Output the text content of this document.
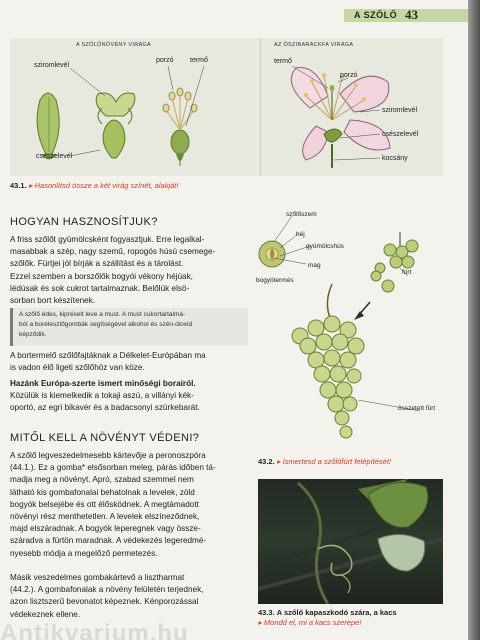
A SZŐLŐ 43
A SZŐLŐNÖVÉNY VIRÁGA	AZ ŐSZIBARACKFA VIRÁGA
sziromlevél
porzó termő
csészelevél
termő
porzó
sziromlevél
csészelevél
kocsány
43.1. ▸ Hasonlítsd össze a két virág színét, alakját!
HOGYAN HASZNOSÍTJUK?
A friss szőlőt gyümölcsként fogyasztjuk. Erre legalkal-
masabbak a szép, nagy szemű, ropogós húsú csemege-
szőlők. Fürtjei jól bírják a szállítást és a tárolást.
Ezzel szemben a borszőlők bogyói vékony héjúak,
lédúsak és sok cukrot tartalmaznak. Belőlük elsö-
sorban bort készítenek.
A szőlő édes, kipréselt leve a must. A must cukortartalmá-
ból a borélesztőgombák segítségével alkohol és szén-dioxid
képződik.
A bortermelő szőlőfajtáknak a Délkelet-Európában ma
is vadon élő ligeti szőlőhöz van köze.
Hazánk Európa-szerte ismert minőségi borairól.
Közülük is kiemelkedik a tokaji aszú, a villányi kék-
oportó, az egri bikavér és a badacsonyi szürkebarát.
szőlőszem
héj
gyümölcshús
mag
fürt
bogyótermés
összetett fürt
43.2. ▸ Ismertesd a szőlőfürt felépítését!
MITŐL KELL A NÖVÉNYT VÉDENI?
A szőlő legveszedelmesebb kártevője a peronoszpóra
(44.1.). Ez a gomba* elsősorban meleg, párás időben tá-
madja meg a növényt. Apró, szabad szemmel nem
látható kis gombafonalai behatolnak a levelek, zöld
bogyók belsejébe és ott élősködnek. A megtámadott
növényi rész menthetetlen. A levelek elszíneződnek,
majd elszáradnak. A bogyók leperegnek vagy össze-
száradva a fürtön maradnak. A védekezés legeredmé-
nyesebb módja a megelőző permetezés.
Másik veszedelmes gombakártevő a lisztharmat
(44.2.). A gombafonalak a növény felületén terjednek,
azon lisztszerű bevonatot képeznek. Kénporozással
védekeznek ellene.	43.3. A szőlő kapaszkodó szára, a kacs
▸ Mondd el, mi a kacs szerepe!
Antikvarium.hu
